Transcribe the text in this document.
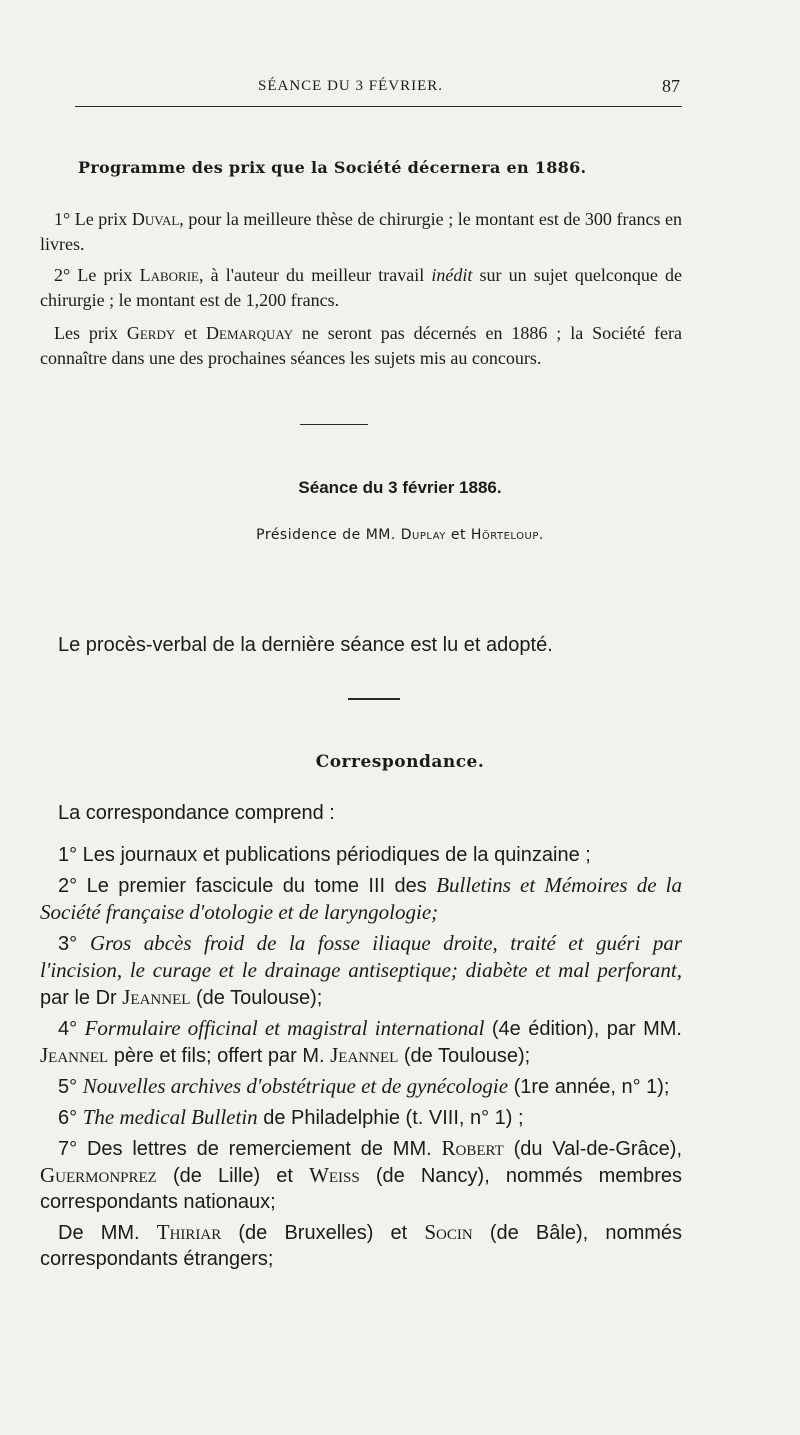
SÉANCE DU 3 FÉVRIER.	87
Programme des prix que la Société décernera en 1886.

1° Le prix Duval, pour la meilleure thèse de chirurgie ; le montant est de 300 francs en livres.

2° Le prix Laborie, à l'auteur du meilleur travail inédit sur un sujet quelconque de chirurgie ; le montant est de 1,200 francs.

Les prix Gerdy et Demarquay ne seront pas décernés en 1886 ; la Société fera connaître dans une des prochaines séances les sujets mis au concours.

Séance du 3 février 1886.
Présidence de MM. Duplay et Hörteloup.
Le procès-verbal de la dernière séance est lu et adopté.
Correspondance.

La correspondance comprend :

1° Les journaux et publications périodiques de la quinzaine ;

2° Le premier fascicule du tome III des Bulletins et Mémoires de la Société française d'otologie et de laryngologie;

3° Gros abcès froid de la fosse iliaque droite, traité et guéri par l'incision, le curage et le drainage antiseptique; diabète et mal perforant, par le Dr Jeannel (de Toulouse);

4° Formulaire officinal et magistral international (4e édition), par MM. Jeannel père et fils; offert par M. Jeannel (de Toulouse);

5° Nouvelles archives d'obstétrique et de gynécologie (1re année, n° 1);

6° The medical Bulletin de Philadelphie (t. VIII, n° 1) ;

7° Des lettres de remerciement de MM. Robert (du Val-de-Grâce), Guermonprez (de Lille) et Weiss (de Nancy), nommés membres correspondants nationaux;

De MM. Thiriar (de Bruxelles) et Socin (de Bâle), nommés correspondants étrangers;
